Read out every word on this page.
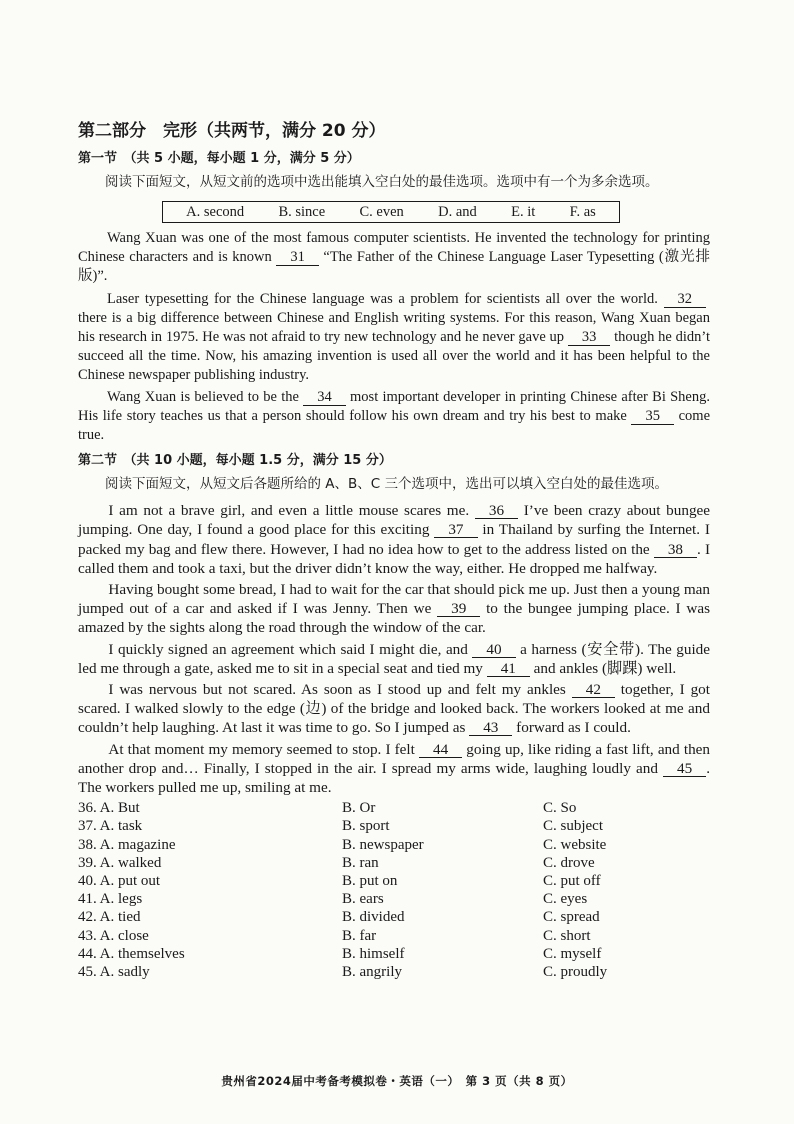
第二部分　完形（共两节，满分 20 分）
第一节　（共 5 小题，每小题 1 分，满分 5 分）

阅读下面短文，从短文前的选项中选出能填入空白处的最佳选项。选项中有一个为多余选项。

A. second B. since C. even D. and E. it F. as

Wang Xuan was one of the most famous computer scientists. He invented the technology for printing Chinese characters and is known 31 “The Father of the Chinese Language Laser Typesetting (激光排版)”.

Laser typesetting for the Chinese language was a problem for scientists all over the world. 32 there is a big difference between Chinese and English writing systems. For this reason, Wang Xuan began his research in 1975. He was not afraid to try new technology and he never gave up 33 though he didn’t succeed all the time. Now, his amazing invention is used all over the world and it has been helpful to the Chinese newspaper publishing industry.

Wang Xuan is believed to be the 34 most important developer in printing Chinese after Bi Sheng. His life story teaches us that a person should follow his own dream and try his best to make 35 come true.

第二节　（共 10 小题，每小题 1.5 分，满分 15 分）

阅读下面短文，从短文后各题所给的 A、B、C 三个选项中，选出可以填入空白处的最佳选项。

I am not a brave girl, and even a little mouse scares me. 36 I’ve been crazy about bungee jumping. One day, I found a good place for this exciting 37 in Thailand by surfing the Internet. I packed my bag and flew there. However, I had no idea how to get to the address listed on the 38 . I called them and took a taxi, but the driver didn’t know the way, either. He dropped me halfway.

Having bought some bread, I had to wait for the car that should pick me up. Just then a young man jumped out of a car and asked if I was Jenny. Then we 39 to the bungee jumping place. I was amazed by the sights along the road through the window of the car.

I quickly signed an agreement which said I might die, and 40 a harness (安全带). The guide led me through a gate, asked me to sit in a special seat and tied my 41 and ankles (脚踝) well.

I was nervous but not scared. As soon as I stood up and felt my ankles 42 together, I got scared. I walked slowly to the edge (边) of the bridge and looked back. The workers looked at me and couldn’t help laughing. At last it was time to go. So I jumped as 43 forward as I could.

At that moment my memory seemed to stop. I felt 44 going up, like riding a fast lift, and then another drop and… Finally, I stopped in the air. I spread my arms wide, laughing loudly and 45 . The workers pulled me up, smiling at me.

36. A. But	B. Or	C. So
37. A. task	B. sport	C. subject
38. A. magazine	B. newspaper	C. website
39. A. walked	B. ran	C. drove
40. A. put out	B. put on	C. put off
41. A. legs	B. ears	C. eyes
42. A. tied	B. divided	C. spread
43. A. close	B. far	C. short
44. A. themselves	B. himself	C. myself
45. A. sadly	B. angrily	C. proudly
贵州省2024届中考备考模拟卷・英语（一）　第 3 页（共 8 页）
